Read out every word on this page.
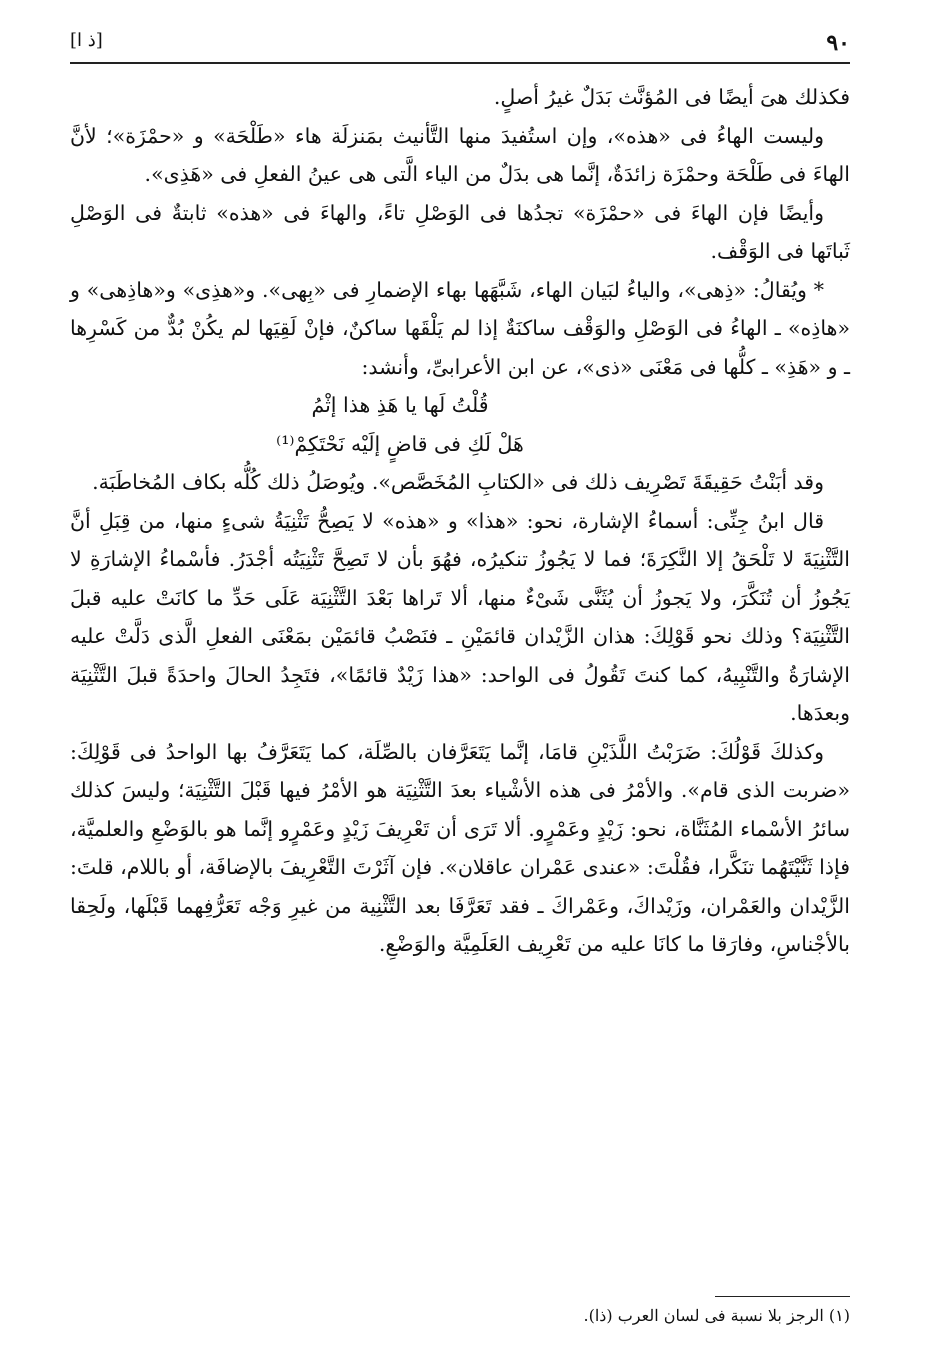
٩٠
[ذ ا]

فكذلك هىَ أيضًا فى المُؤنَّث بَدَلٌ غيرُ أصلٍ.

وليست الهاءُ فى «هذه»، وإن استُفيدَ منها التَّأنيث بمَنزلَة هاء «طَلْحَة» و «حمْزَة»؛ لأنَّ الهاءَ فى طَلْحَة وحمْزَة زائدَةٌ، إنَّما هى بدَلٌ من الياء الَّتى هى عينُ الفعلِ فى «هَذِى».

وأيضًا فإن الهاءَ فى «حمْزَة» تجدُها فى الوَصْلِ تاءً، والهاءَ فى «هذه» ثابتةٌ فى الوَصْلِ ثَباتَها فى الوَقْف.

* ويُقالُ: «ذِهى»، والياءُ لبَيان الهاء، شَبَّهَها بهاء الإضمارِ فى «بِهى». و«هذِى» و«هاذِهى» و «هاذِه» ـ الهاءُ فى الوَصْلِ والوَقْف ساكنَةٌ إذا لم يَلْقَها ساكنٌ، فإنْ لَقِيَها لم يكُنْ بُدٌّ من كَسْرِها ـ و «هَذِ» ـ كلُّها فى مَعْنَى «ذى»، عن ابن الأعرابىِّ، وأنشد:

قُلْتُ لَها يا هَذِ هذا إثْمُ

هَلْ لَكِ فى قاضٍ إلَيْه نَحْتَكِمْ⁽¹⁾

وقد أبَنْتُ حَقِيقَةَ تَصْرِيف ذلك فى «الكتابِ المُخَصَّص». ويُوصَلُ ذلك كُلُّه بكاف المُخاطَبَة.

قال ابنُ جِنِّى: أسماءُ الإشارة، نحو: «هذا» و «هذه» لا يَصِحُّ تَثْنِيَةُ شىءٍ منها، من قِبَلِ أنَّ التَّثْنِيَةَ لا تَلْحَقُ إلا النَّكِرَةَ؛ فما لا يَجُوزُ تنكيرُه، فهُوَ بأن لا تَصِحَّ تَثْنِيَتُه أجْدَرُ. فأسْماءُ الإشارَةِ لا يَجُوزُ أن تُنَكَّرَ، ولا يَجوزُ أن يُثَنَّى شَىْءٌ منها، ألا تَراها بَعْدَ التَّثْنِيَة عَلَى حَدِّ ما كانَتْ عليه قبلَ التَّثْنِيَة؟ وذلك نحو قَوْلِكَ: هذان الزَّيْدان قائمَيْنِ ـ فنَصْبُ قائمَيْن بمَعْنَى الفعلِ الَّذى دَلَّتْ عليه الإشارَةُ والتَّنْبِيهُ، كما كنتَ تَقُولُ فى الواحد: «هذا زَيْدٌ قائمًا»، فتَجِدُ الحالَ واحدَةً قبلَ التَّثْنِيَة وبعدَها.

وكذلكَ قَوْلُكَ: ضَرَبْتُ اللَّذَيْنِ قامَا، إنَّما يَتَعَرَّفان بالصِّلَة، كما يَتَعَرَّفُ بها الواحدُ فى قَوْلِكَ: «ضربت الذى قام». والأمْرُ فى هذه الأشْياء بعدَ التَّثْنِيَة هو الأمْرُ فيها قَبْلَ التَّثْنِيَة؛ وليسَ كذلك سائرُ الأسْماء المُثَنَّاة، نحو: زَيْدٍ وعَمْرٍو. ألا تَرَى أن تَعْرِيفَ زَيْدٍ وعَمْرٍو إنَّما هو بالوَضْعِ والعلميَّة، فإذا ثَنَّيْتَهُما تنَكَّرا، فقُلْتَ: «عندى عَمْران عاقلان». فإن آثَرْتَ التَّعْرِيفَ بالإضافَة، أو باللام، قلتَ: الزَّيْدان والعَمْران، وزَيْداكَ، وعَمْراكَ ـ فقد تَعَرَّفَا بعد التَّثْنِية من غيرِ وَجْه تَعَرُّفِهما قَبْلَها، ولَحِقا بالأجْناسِ، وفارَقا ما كانَا عليه من تَعْرِيف العَلَمِيَّة والوَضْعِ.

(١) الرجز بلا نسبة فى لسان العرب (ذا).
